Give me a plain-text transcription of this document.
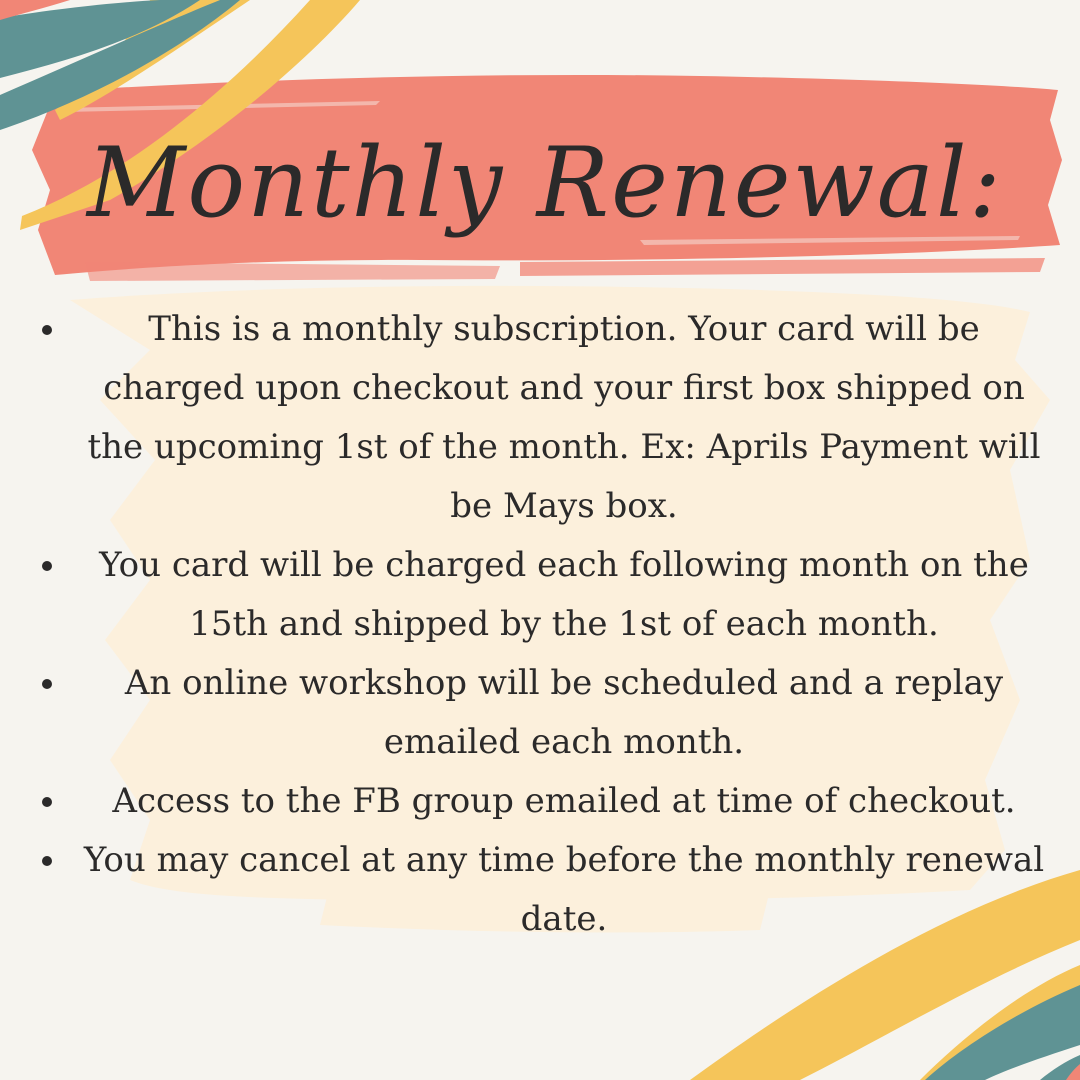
Monthly Renewal:
This is a monthly subscription. Your card will be charged upon checkout and your first box shipped on the upcoming 1st of the month. Ex: Aprils Payment will be Mays box.
You card will be charged each following month on the 15th and shipped by the 1st of each month.
An online workshop will be scheduled and a replay emailed each month.
Access to the FB group emailed at time of checkout.
You may cancel at any time before the monthly renewal date.
